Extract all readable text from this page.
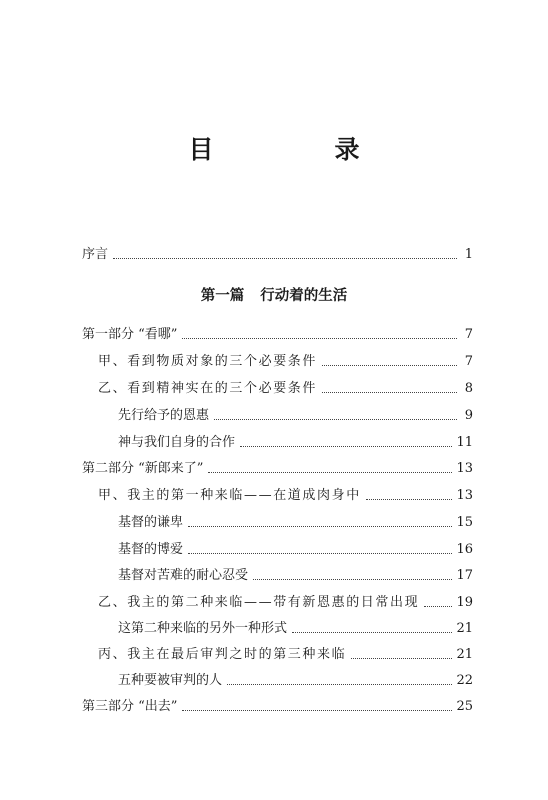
目　录
序言	1
第一篇 行动着的生活
第一部分 “看哪”	7
甲、看到物质对象的三个必要条件	7
乙、看到精神实在的三个必要条件	8
先行给予的恩惠	9
神与我们自身的合作	11
第二部分 “新郎来了”	13
甲、我主的第一种来临——在道成肉身中	13
基督的谦卑	15
基督的博爱	16
基督对苦难的耐心忍受	17
乙、我主的第二种来临——带有新恩惠的日常出现	19
这第二种来临的另外一种形式	21
丙、我主在最后审判之时的第三种来临	21
五种要被审判的人	22
第三部分 “出去”	25
